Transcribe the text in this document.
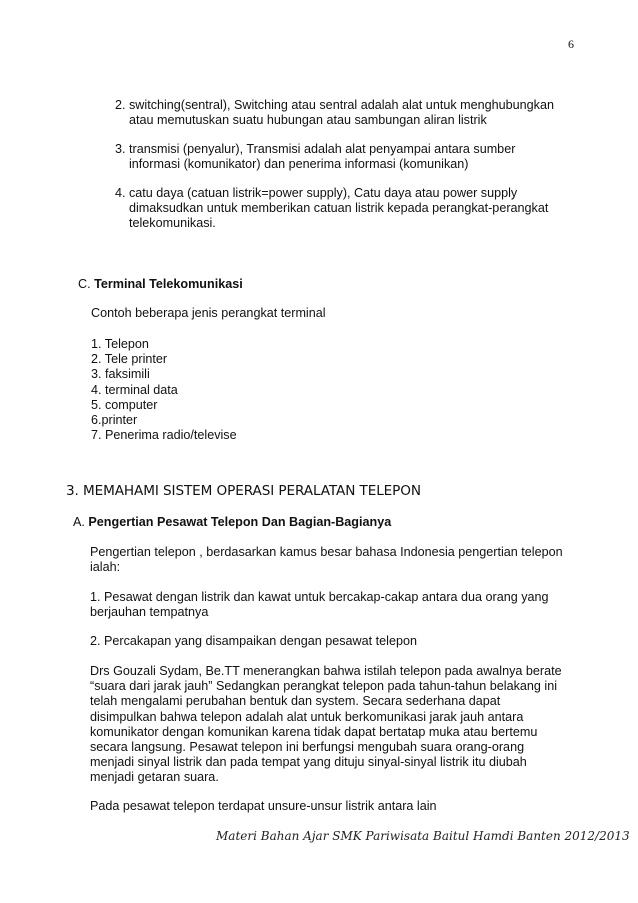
6
2. switching(sentral), Switching atau sentral adalah alat untuk menghubungkan
atau memutuskan suatu hubungan atau sambungan aliran listrik
3. transmisi (penyalur), Transmisi adalah alat penyampai antara sumber
informasi (komunikator) dan penerima informasi (komunikan)
4. catu daya (catuan listrik=power supply), Catu daya atau power supply
dimaksudkan untuk memberikan catuan listrik kepada perangkat-perangkat
telekomunikasi.
C. Terminal Telekomunikasi
Contoh beberapa jenis perangkat terminal
1. Telepon
2. Tele printer
3. faksimili
4. terminal data
5. computer
6.printer
7. Penerima radio/televise
3. MEMAHAMI SISTEM OPERASI PERALATAN TELEPON
A. Pengertian Pesawat Telepon Dan Bagian-Bagianya
Pengertian telepon , berdasarkan kamus besar bahasa Indonesia pengertian telepon
ialah:
1. Pesawat dengan listrik dan kawat untuk bercakap-cakap antara dua orang yang
berjauhan tempatnya
2. Percakapan yang disampaikan dengan pesawat telepon
Drs Gouzali Sydam, Be.TT menerangkan bahwa istilah telepon pada awalnya berate
“suara dari jarak jauh” Sedangkan perangkat telepon pada tahun-tahun belakang ini
telah mengalami perubahan bentuk dan system. Secara sederhana dapat
disimpulkan bahwa telepon adalah alat untuk berkomunikasi jarak jauh antara
komunikator dengan komunikan karena tidak dapat bertatap muka atau bertemu
secara langsung. Pesawat telepon ini berfungsi mengubah suara orang-orang
menjadi sinyal listrik dan pada tempat yang dituju sinyal-sinyal listrik itu diubah
menjadi getaran suara.
Pada pesawat telepon terdapat unsure-unsur listrik antara lain
Materi Bahan Ajar SMK Pariwisata Baitul Hamdi Banten 2012/2013
